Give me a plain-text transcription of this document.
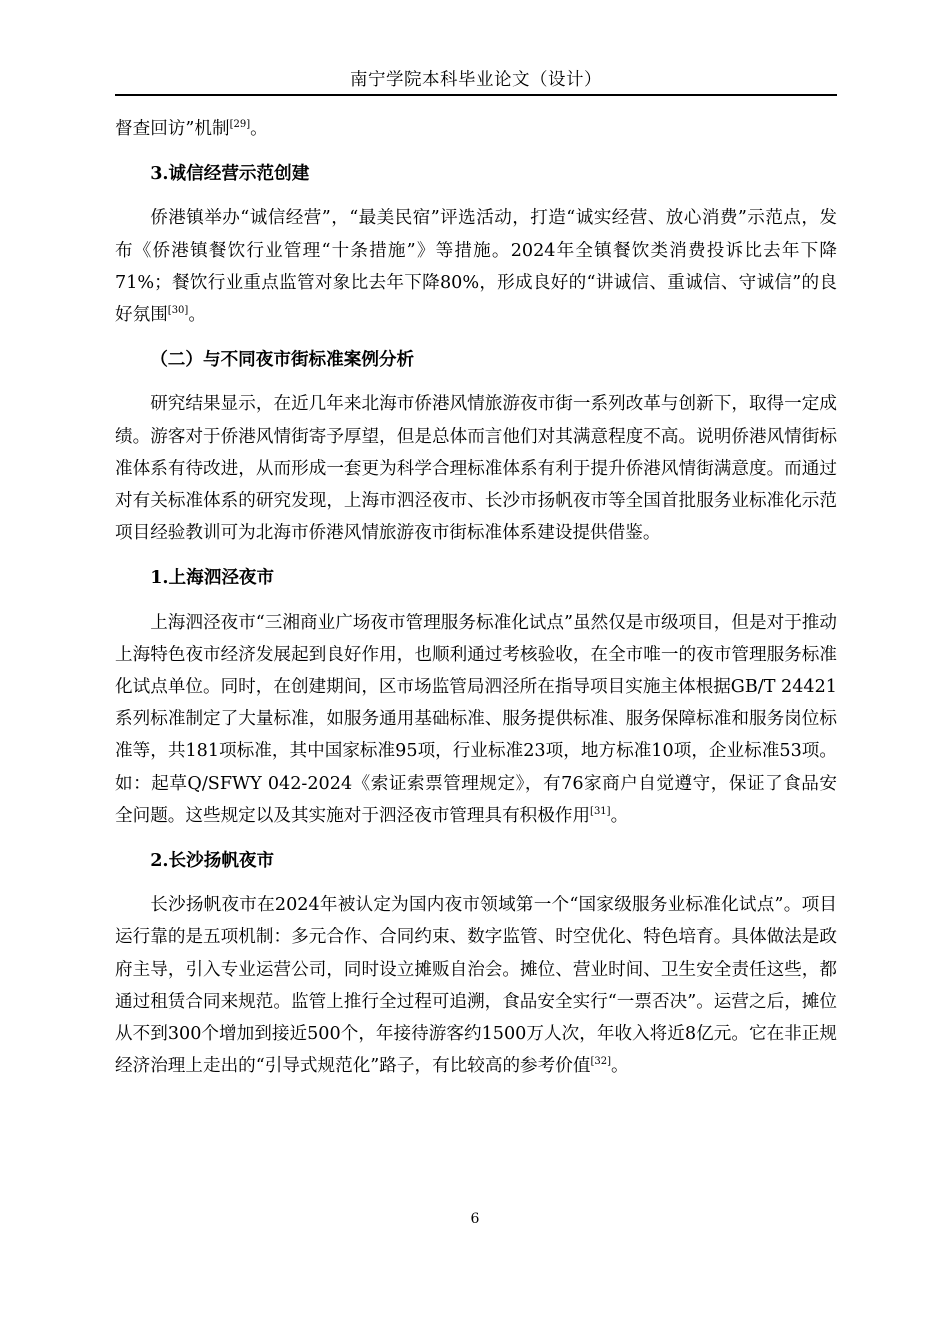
南宁学院本科毕业论文（设计）

督查回访”机制[29]。

3.诚信经营示范创建

侨港镇举办“诚信经营”，“最美民宿”评选活动，打造“诚实经营、放心消费”示范点，发布《侨港镇餐饮行业管理“十条措施”》等措施。2024年全镇餐饮类消费投诉比去年下降71%；餐饮行业重点监管对象比去年下降80%，形成良好的“讲诚信、重诚信、守诚信”的良好氛围[30]。

（二）与不同夜市街标准案例分析

研究结果显示，在近几年来北海市侨港风情旅游夜市街一系列改革与创新下，取得一定成绩。游客对于侨港风情街寄予厚望，但是总体而言他们对其满意程度不高。说明侨港风情街标准体系有待改进，从而形成一套更为科学合理标准体系有利于提升侨港风情街满意度。而通过对有关标准体系的研究发现，上海市泗泾夜市、长沙市扬帆夜市等全国首批服务业标准化示范项目经验教训可为北海市侨港风情旅游夜市街标准体系建设提供借鉴。

1.上海泗泾夜市

上海泗泾夜市“三湘商业广场夜市管理服务标准化试点”虽然仅是市级项目，但是对于推动上海特色夜市经济发展起到良好作用，也顺利通过考核验收，在全市唯一的夜市管理服务标准化试点单位。同时，在创建期间，区市场监管局泗泾所在指导项目实施主体根据GB/T 24421系列标准制定了大量标准，如服务通用基础标准、服务提供标准、服务保障标准和服务岗位标准等，共181项标准，其中国家标准95项，行业标准23项，地方标准10项，企业标准53项。如：起草Q/SFWY 042-2024《索证索票管理规定》，有76家商户自觉遵守，保证了食品安全问题。这些规定以及其实施对于泗泾夜市管理具有积极作用[31]。

2.长沙扬帆夜市

长沙扬帆夜市在2024年被认定为国内夜市领域第一个“国家级服务业标准化试点”。项目运行靠的是五项机制：多元合作、合同约束、数字监管、时空优化、特色培育。具体做法是政府主导，引入专业运营公司，同时设立摊贩自治会。摊位、营业时间、卫生安全责任这些，都通过租赁合同来规范。监管上推行全过程可追溯，食品安全实行“一票否决”。运营之后，摊位从不到300个增加到接近500个，年接待游客约1500万人次，年收入将近8亿元。它在非正规经济治理上走出的“引导式规范化”路子，有比较高的参考价值[32]。

6
